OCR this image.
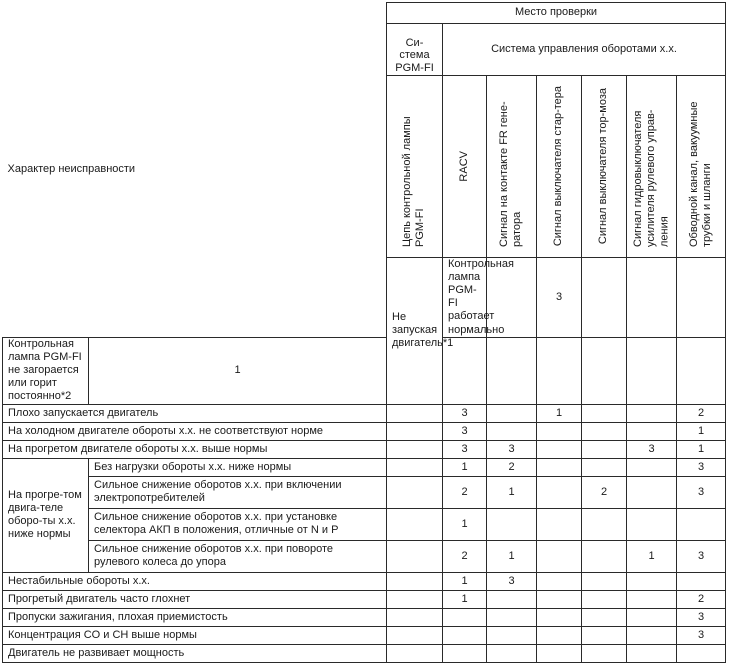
Характер неисправности		Место проверки							

Си-
стема
PGM-FI	Система управления оборотами х.х.						

		Цепь контрольной лампы PGM-FI	RACV	Сигнал на контакте FR гене-ратора	Сигнал выключателя стар-тера	Сигнал выключателя тор-моза	Сигнал гидровыключателя усилителя рулевого управ-ления	Обводной канал, вакуумные трубки и шланги	

		Не запуская двигатель*1	Контрольная лампа PGM-FI работает нормально		3					
Контрольная лампа PGM-FI не загорается или горит постоянно*2	1								
Плохо запускается двигатель			3		1			2	
На холодном двигателе обороты х.х. не соответствуют норме			3					1	
На прогретом двигателе обороты х.х. выше нормы			3	3			3	1	
На прогре-том двига-теле оборо-ты х.х. ниже нормы	Без нагрузки обороты х.х. ниже нормы		1	2				3	
	Сильное снижение оборотов х.х. при включении электропотребителей		2	1		2		3	
	Сильное снижение оборотов х.х. при установке селектора АКП в положения, отличные от N и P		1						
	Сильное снижение оборотов х.х. при повороте рулевого колеса до упора		2	1			1	3	
Нестабильные обороты х.х.			1	3					
Прогретый двигатель часто глохнет			1					2	
Пропуски зажигания, плохая приемистость								3	
Концентрация CO и CH выше нормы								3	
Двигатель не развивает мощность									
